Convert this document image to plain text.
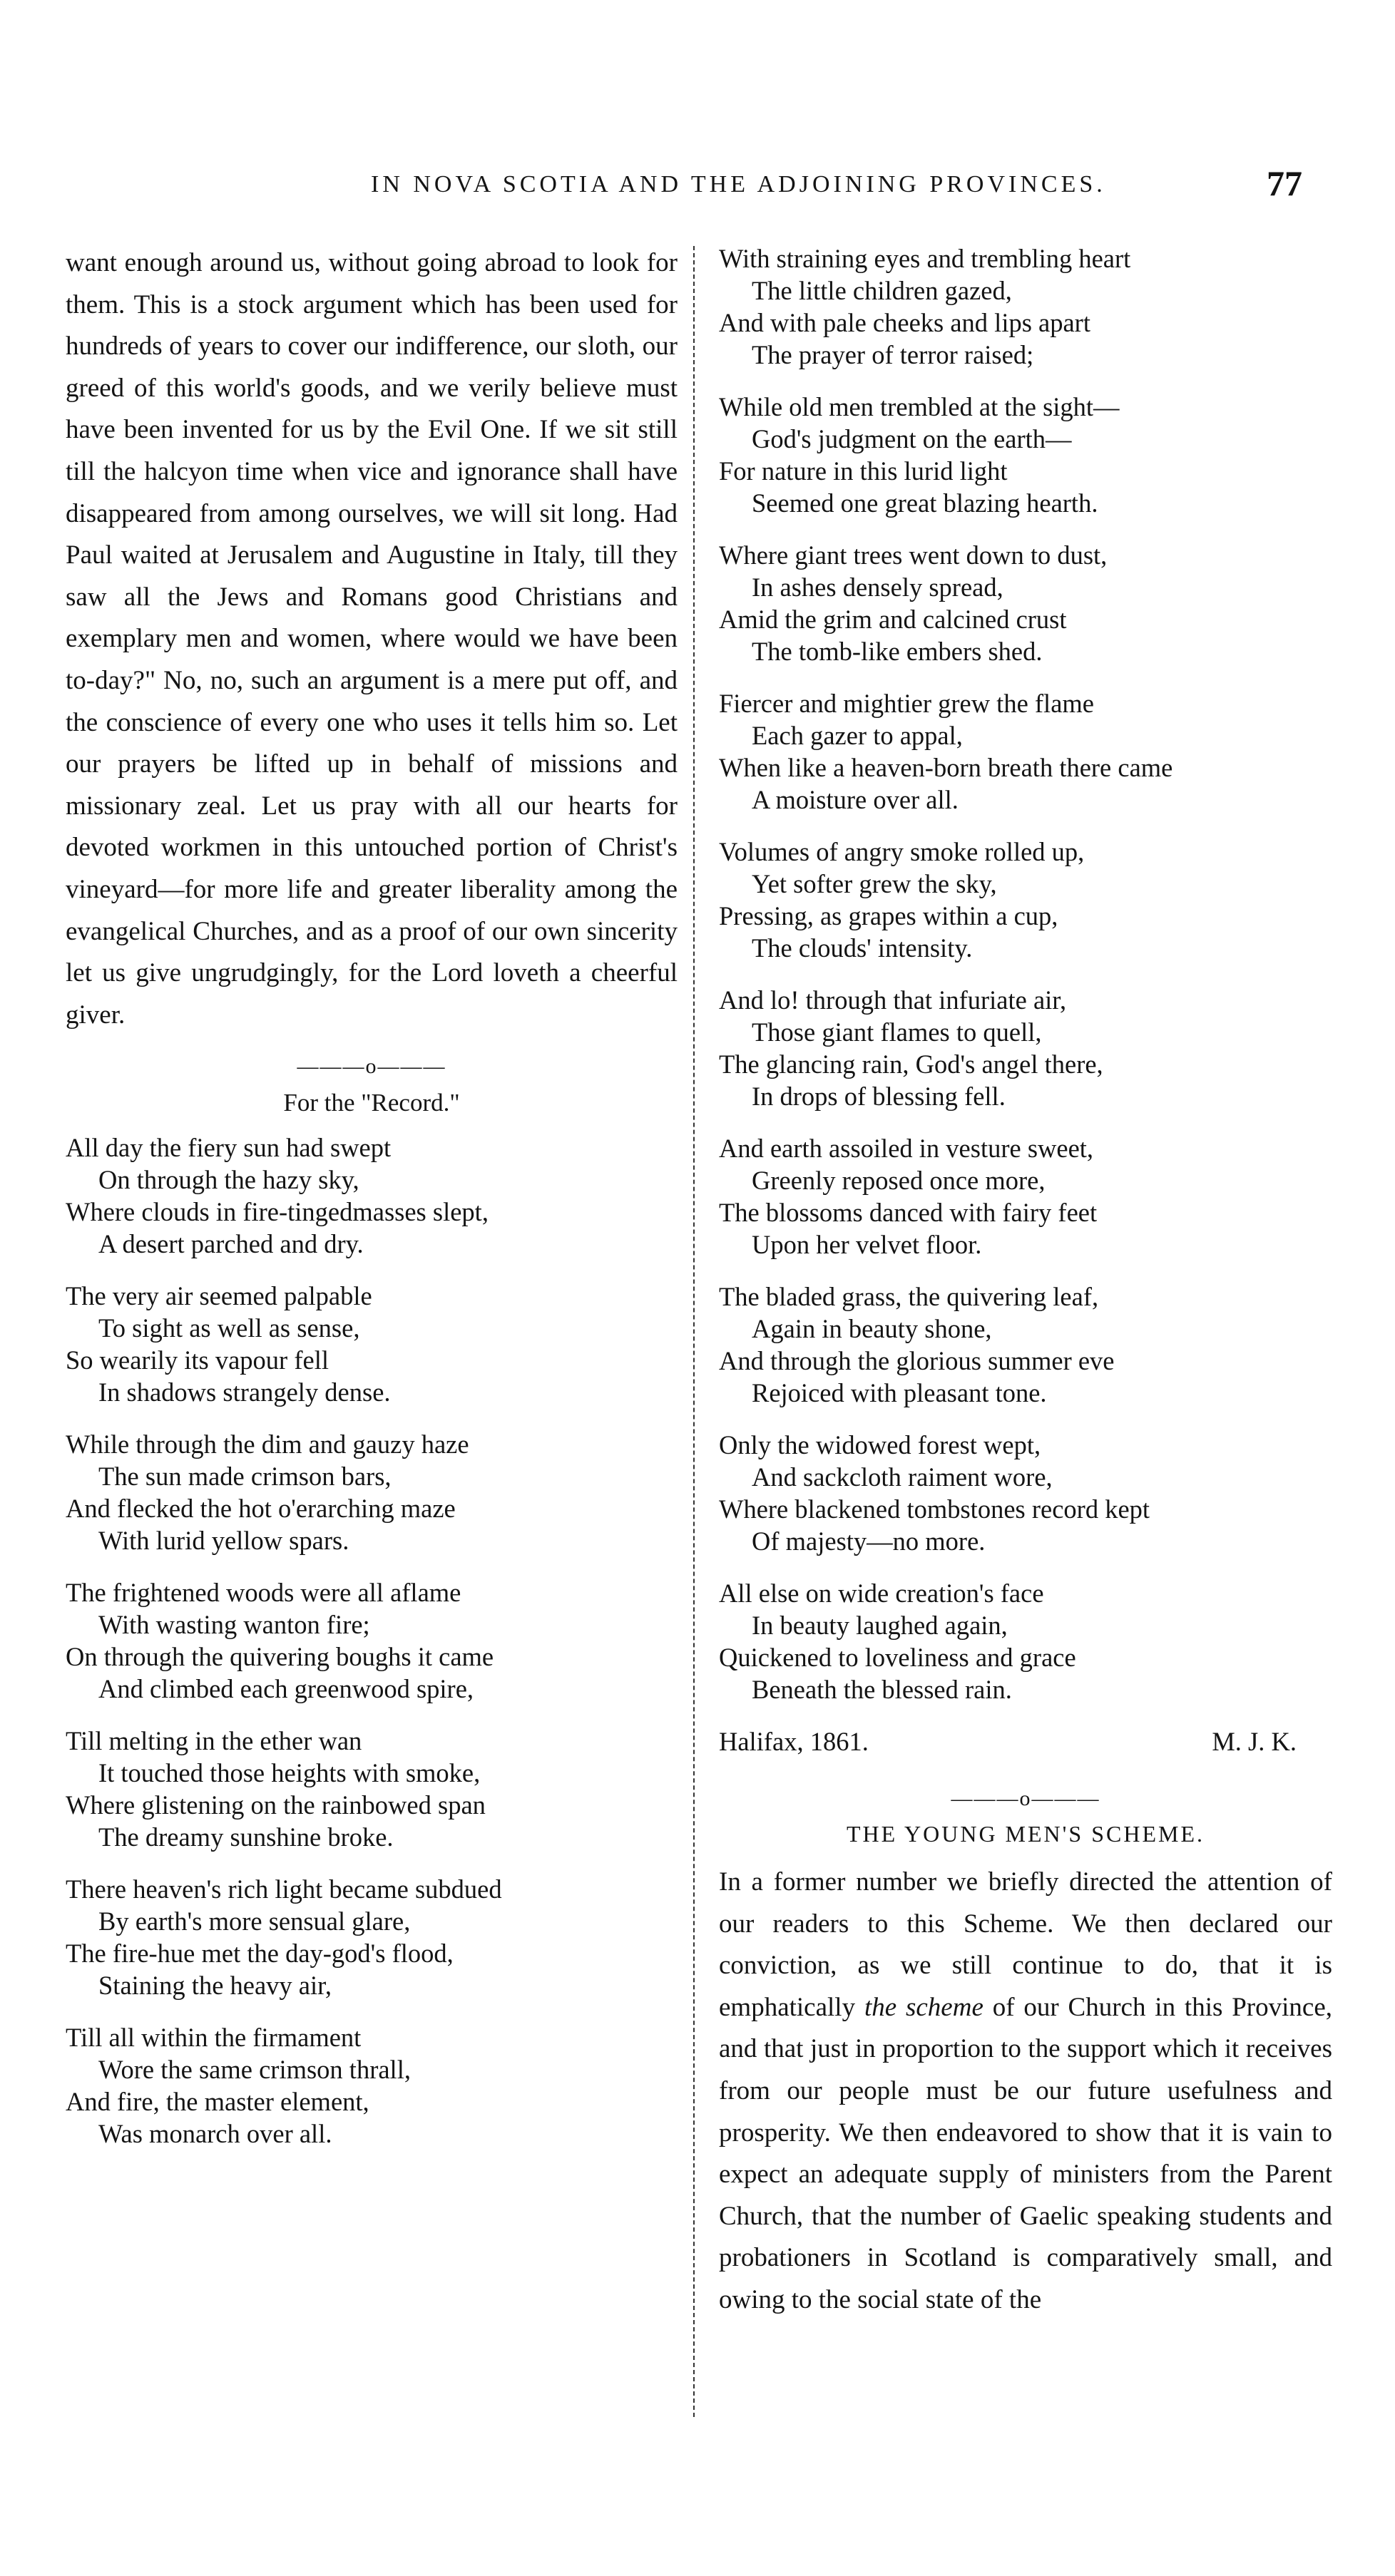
IN NOVA SCOTIA AND THE ADJOINING PROVINCES.	77

want enough around us, without going abroad to look for them. This is a stock argument which has been used for hundreds of years to cover our indifference, our sloth, our greed of this world's goods, and we verily believe must have been invented for us by the Evil One. If we sit still till the halcyon time when vice and ignorance shall have disappeared from among ourselves, we will sit long. Had Paul waited at Jerusalem and Augustine in Italy, till they saw all the Jews and Romans good Christians and exemplary men and women, where would we have been to-day?" No, no, such an argument is a mere put off, and the conscience of every one who uses it tells him so. Let our prayers be lifted up in behalf of missions and missionary zeal. Let us pray with all our hearts for devoted workmen in this untouched portion of Christ's vineyard—for more life and greater liberality among the evangelical Churches, and as a proof of our own sincerity let us give ungrudgingly, for the Lord loveth a cheerful giver.

———o———
For the "Record."
All day the fiery sun had swept
On through the hazy sky,
Where clouds in fire-tingedmasses slept,
A desert parched and dry.
The very air seemed palpable
To sight as well as sense,
So wearily its vapour fell
In shadows strangely dense.
While through the dim and gauzy haze
The sun made crimson bars,
And flecked the hot o'erarching maze
With lurid yellow spars.
The frightened woods were all aflame
With wasting wanton fire;
On through the quivering boughs it came
And climbed each greenwood spire,
Till melting in the ether wan
It touched those heights with smoke,
Where glistening on the rainbowed span
The dreamy sunshine broke.
There heaven's rich light became subdued
By earth's more sensual glare,
The fire-hue met the day-god's flood,
Staining the heavy air,
Till all within the firmament
Wore the same crimson thrall,
And fire, the master element,
Was monarch over all.
With straining eyes and trembling heart
The little children gazed,
And with pale cheeks and lips apart
The prayer of terror raised;
While old men trembled at the sight—
God's judgment on the earth—
For nature in this lurid light
Seemed one great blazing hearth.
Where giant trees went down to dust,
In ashes densely spread,
Amid the grim and calcined crust
The tomb-like embers shed.
Fiercer and mightier grew the flame
Each gazer to appal,
When like a heaven-born breath there came
A moisture over all.
Volumes of angry smoke rolled up,
Yet softer grew the sky,
Pressing, as grapes within a cup,
The clouds' intensity.
And lo! through that infuriate air,
Those giant flames to quell,
The glancing rain, God's angel there,
In drops of blessing fell.
And earth assoiled in vesture sweet,
Greenly reposed once more,
The blossoms danced with fairy feet
Upon her velvet floor.
The bladed grass, the quivering leaf,
Again in beauty shone,
And through the glorious summer eve
Rejoiced with pleasant tone.
Only the widowed forest wept,
And sackcloth raiment wore,
Where blackened tombstones record kept
Of majesty—no more.
All else on wide creation's face
In beauty laughed again,
Quickened to loveliness and grace
Beneath the blessed rain.
Halifax, 1861.	M. J. K.
———o———
THE YOUNG MEN'S SCHEME.

In a former number we briefly directed the attention of our readers to this Scheme. We then declared our conviction, as we still continue to do, that it is emphatically the scheme of our Church in this Province, and that just in proportion to the support which it receives from our people must be our future usefulness and prosperity. We then endeavored to show that it is vain to expect an adequate supply of ministers from the Parent Church, that the number of Gaelic speaking students and probationers in Scotland is comparatively small, and owing to the social state of the
